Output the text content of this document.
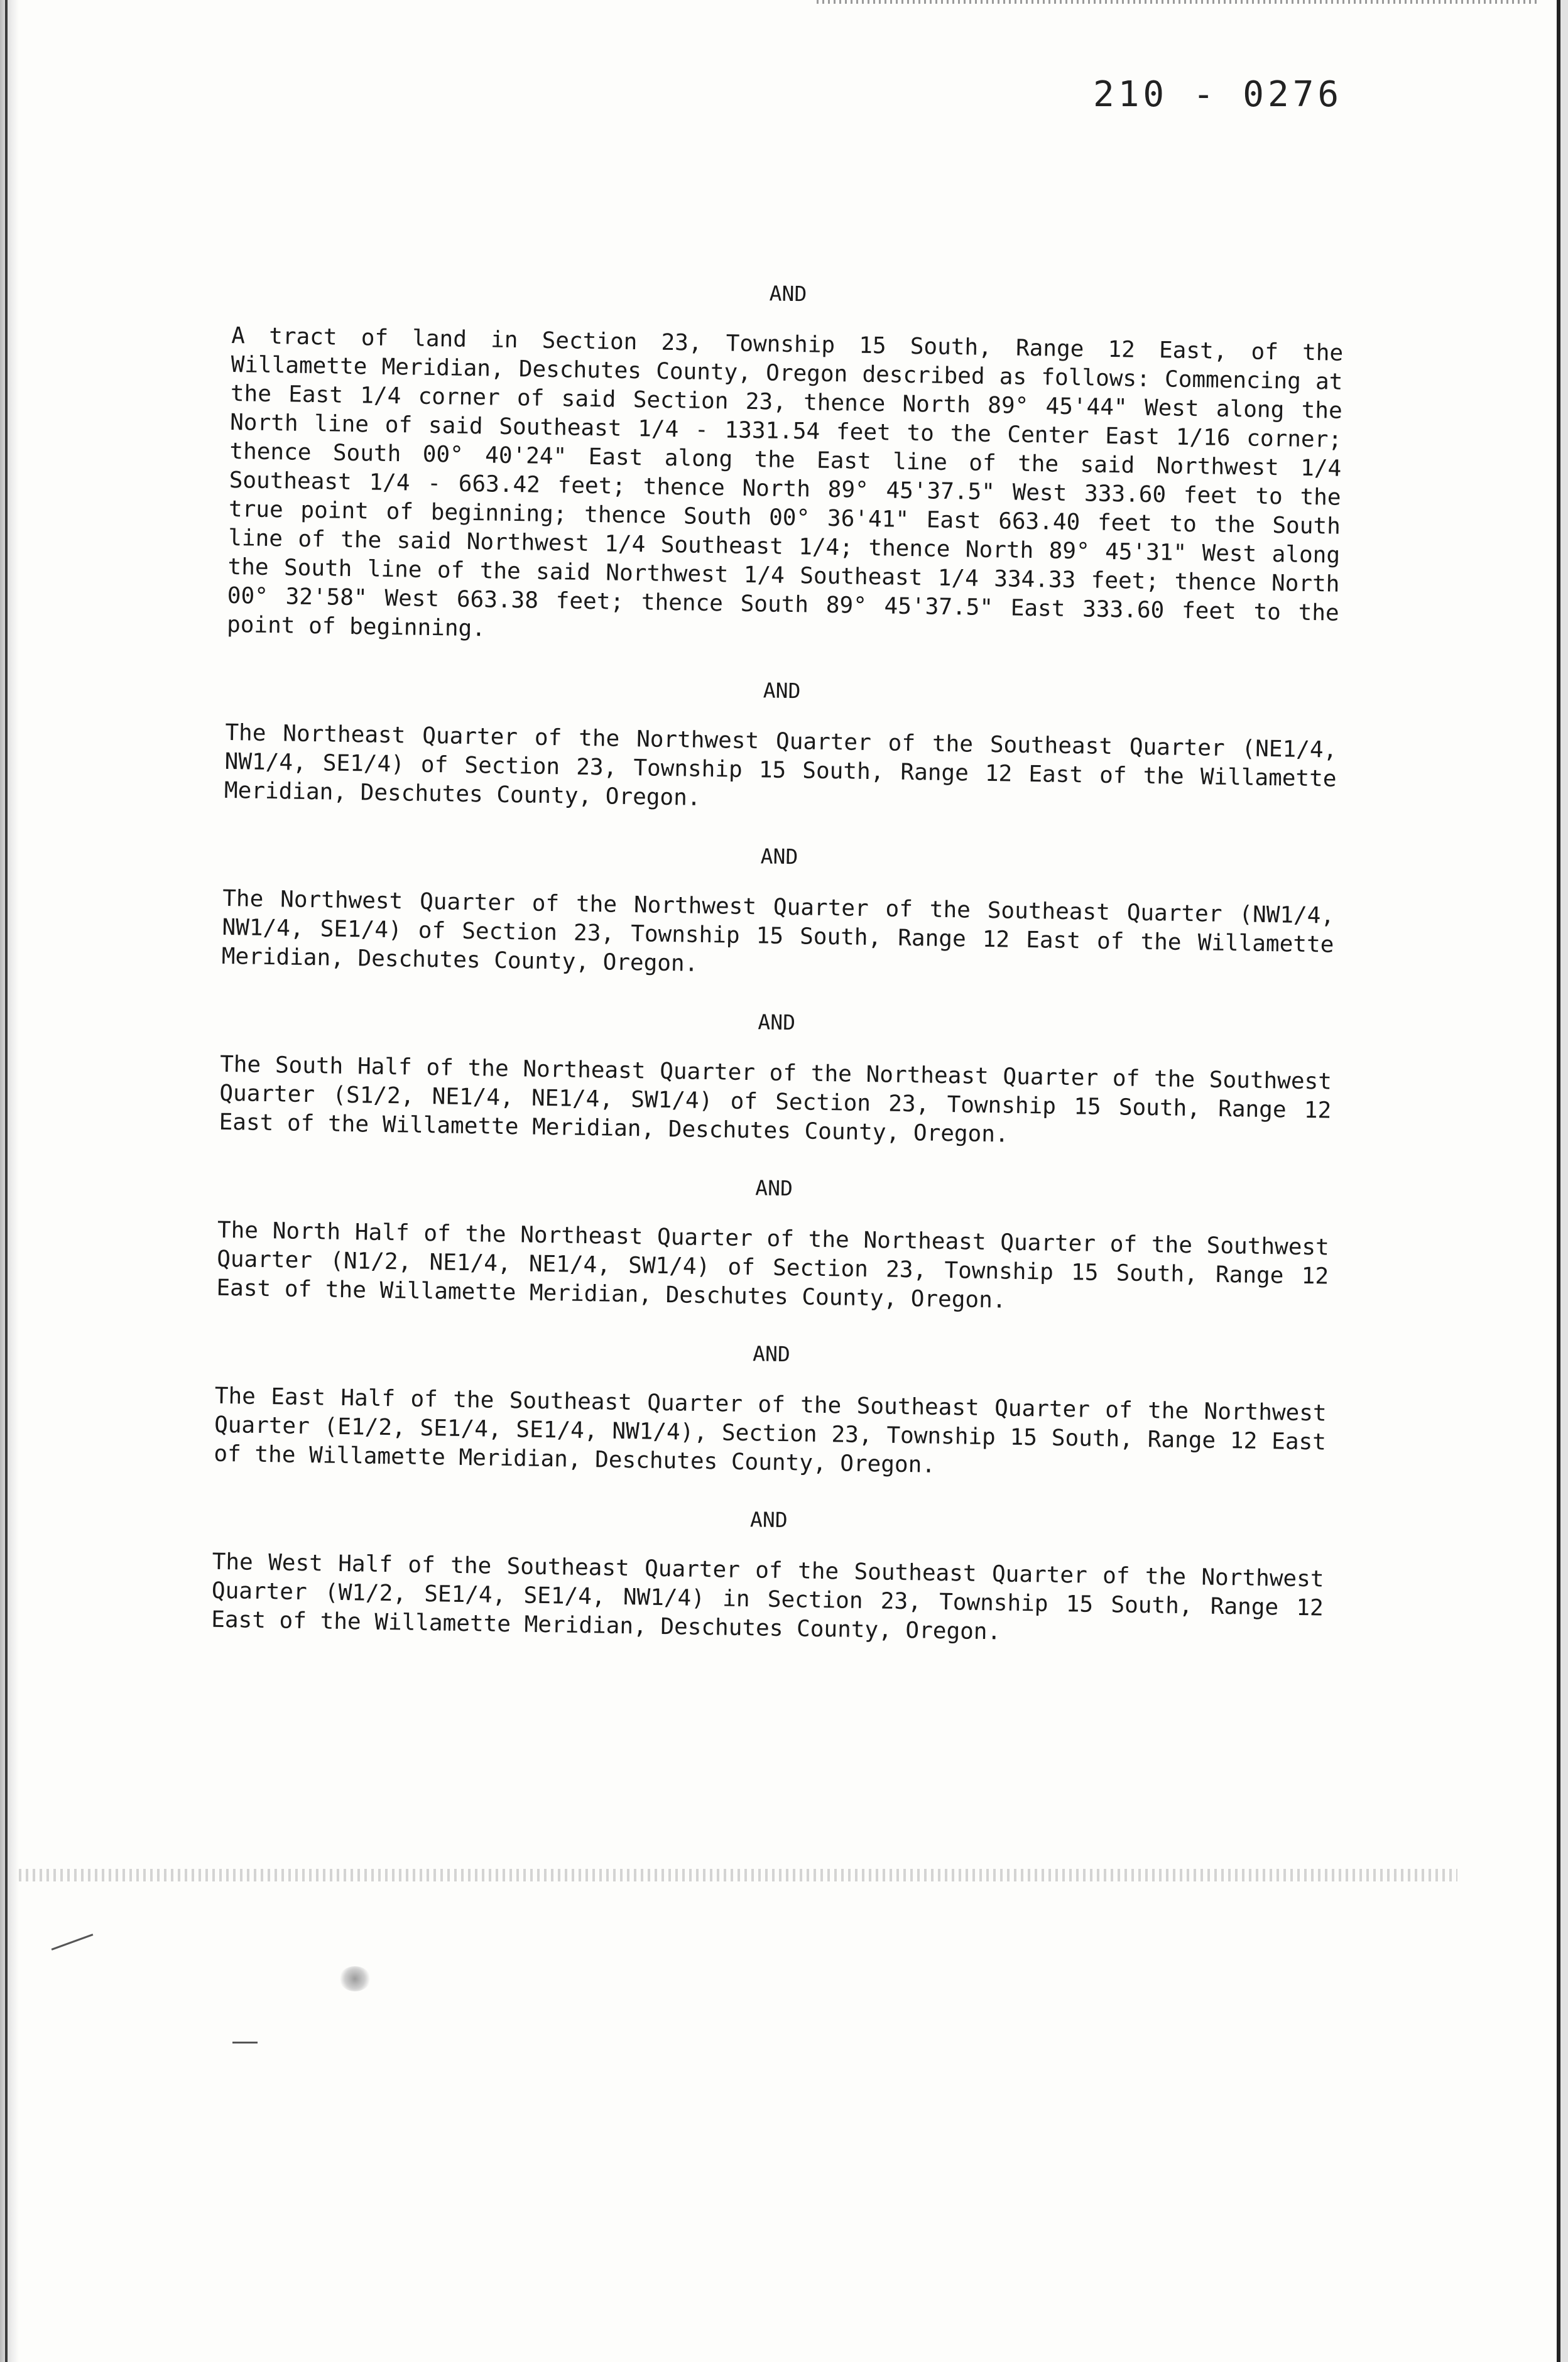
210 - 0276

AND

A tract of land in Section 23, Township 15 South, Range 12 East, of the Willamette Meridian, Deschutes County, Oregon described as follows: Commencing at the East 1/4 corner of said Section 23, thence North 89° 45'44" West along the North line of said Southeast 1/4 - 1331.54 feet to the Center East 1/16 corner; thence South 00° 40'24" East along the East line of the said Northwest 1/4 Southeast 1/4 - 663.42 feet; thence North 89° 45'37.5" West 333.60 feet to the true point of beginning; thence South 00° 36'41" East 663.40 feet to the South line of the said Northwest 1/4 Southeast 1/4; thence North 89° 45'31" West along the South line of the said Northwest 1/4 Southeast 1/4 334.33 feet; thence North 00° 32'58" West 663.38 feet; thence South 89° 45'37.5" East 333.60 feet to the point of beginning.

AND

The Northeast Quarter of the Northwest Quarter of the Southeast Quarter (NE1/4, NW1/4, SE1/4) of Section 23, Township 15 South, Range 12 East of the Willamette Meridian, Deschutes County, Oregon.

AND

The Northwest Quarter of the Northwest Quarter of the Southeast Quarter (NW1/4, NW1/4, SE1/4) of Section 23, Township 15 South, Range 12 East of the Willamette Meridian, Deschutes County, Oregon.

AND

The South Half of the Northeast Quarter of the Northeast Quarter of the Southwest Quarter (S1/2, NE1/4, NE1/4, SW1/4) of Section 23, Township 15 South, Range 12 East of the Willamette Meridian, Deschutes County, Oregon.

AND

The North Half of the Northeast Quarter of the Northeast Quarter of the Southwest Quarter (N1/2, NE1/4, NE1/4, SW1/4) of Section 23, Township 15 South, Range 12 East of the Willamette Meridian, Deschutes County, Oregon.

AND

The East Half of the Southeast Quarter of the Southeast Quarter of the Northwest Quarter (E1/2, SE1/4, SE1/4, NW1/4), Section 23, Township 15 South, Range 12 East of the Willamette Meridian, Deschutes County, Oregon.

AND

The West Half of the Southeast Quarter of the Southeast Quarter of the Northwest Quarter (W1/2, SE1/4, SE1/4, NW1/4) in Section 23, Township 15 South, Range 12 East of the Willamette Meridian, Deschutes County, Oregon.
